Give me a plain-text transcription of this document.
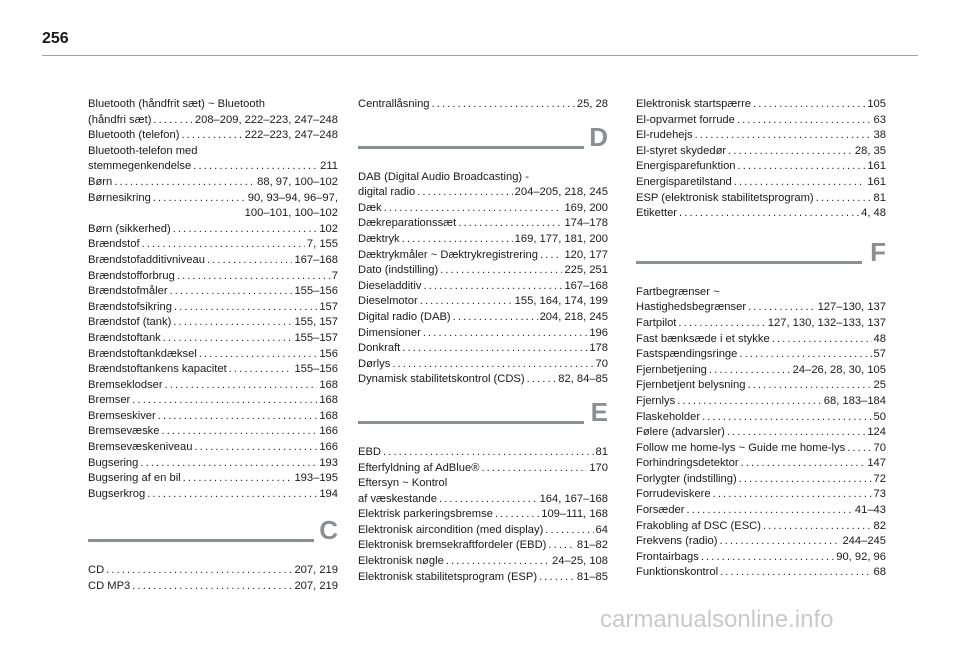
256
Bluetooth (håndfrit sæt) ~ Bluetooth
(håndfri sæt) . . .	208–209, 222–223, 247–248
Bluetooth (telefon) . . .	222–223, 247–248
Bluetooth-telefon med
stemmegenkendelse . . .	211
Børn . . .	88, 97, 100–102
Børnesikring . . .	90, 93–94, 96–97,
100–101, 100–102
Børn (sikkerhed) . . .	102
Brændstof . . .	7, 155
Brændstofadditivniveau . . .	167–168
Brændstofforbrug . . .	7
Brændstofmåler . . .	155–156
Brændstofsikring . . .	157
Brændstof (tank) . . .	155, 157
Brændstoftank . . .	155–157
Brændstoftankdæksel . . .	156
Brændstoftankens kapacitet . . .	155–156
Bremseklodser . . .	168
Bremser . . .	168
Bremseskiver . . .	168
Bremsevæske . . .	166
Bremsevæskeniveau . . .	166
Bugsering . . .	193
Bugsering af en bil . . .	193–195
Bugserkrog . . .	194
C
CD . . .	207, 219
CD MP3 . . .	207, 219
Centrallåsning . . .	25, 28
D
DAB (Digital Audio Broadcasting) -
digital radio . . .	204–205, 218, 245
Dæk . . .	169, 200
Dækreparationssæt . . .	174–178
Dæktryk . . .	169, 177, 181, 200
Dæktrykmåler ~ Dæktrykregistrering . . . 120, 177
Dato (indstilling) . . .	225, 251
Dieseladditiv . . .	167–168
Dieselmotor . . .	155, 164, 174, 199
Digital radio (DAB) . . .	204, 218, 245
Dimensioner . . .	196
Donkraft . . .	178
Dørlys . . .	70
Dynamisk stabilitetskontrol (CDS) . . .	82, 84–85
E
EBD . . .	81
Efterfyldning af AdBlue® . . .	170
Eftersyn ~ Kontrol
af væskestande . . .	164, 167–168
Elektrisk parkeringsbremse . . .	109–111, 168
Elektronisk aircondition (med display) . . .	64
Elektronisk bremsekraftfordeler (EBD) . . .	81–82
Elektronisk nøgle . . .	24–25, 108
Elektronisk stabilitetsprogram (ESP) . . .	81–85
Elektronisk startspærre . . .	105
El-opvarmet forrude . . .	63
El-rudehejs . . .	38
El-styret skydedør . . .	28, 35
Energisparefunktion . . .	161
Energisparetilstand . . .	161
ESP (elektronisk stabilitetsprogram) . . .	81
Etiketter . . .	4, 48
F
Fartbegrænser ~
Hastighedsbegrænser . . .	127–130, 137
Fartpilot . . .	127, 130, 132–133, 137
Fast bænksæde i et stykke . . .	48
Fastspændingsringe . . .	57
Fjernbetjening . . .	24–26, 28, 30, 105
Fjernbetjent belysning . . .	25
Fjernlys . . .	68, 183–184
Flaskeholder . . .	50
Følere (advarsler) . . .	124
Follow me home-lys ~ Guide me home-lys . . .	70
Forhindringsdetektor . . .	147
Forlygter (indstilling) . . .	72
Forrudeviskere . . .	73
Forsæder . . .	41–43
Frakobling af DSC (ESC) . . .	82
Frekvens (radio) . . .	244–245
Frontairbags . . .	90, 92, 96
Funktionskontrol . . .	68
carmanualsonline.info
